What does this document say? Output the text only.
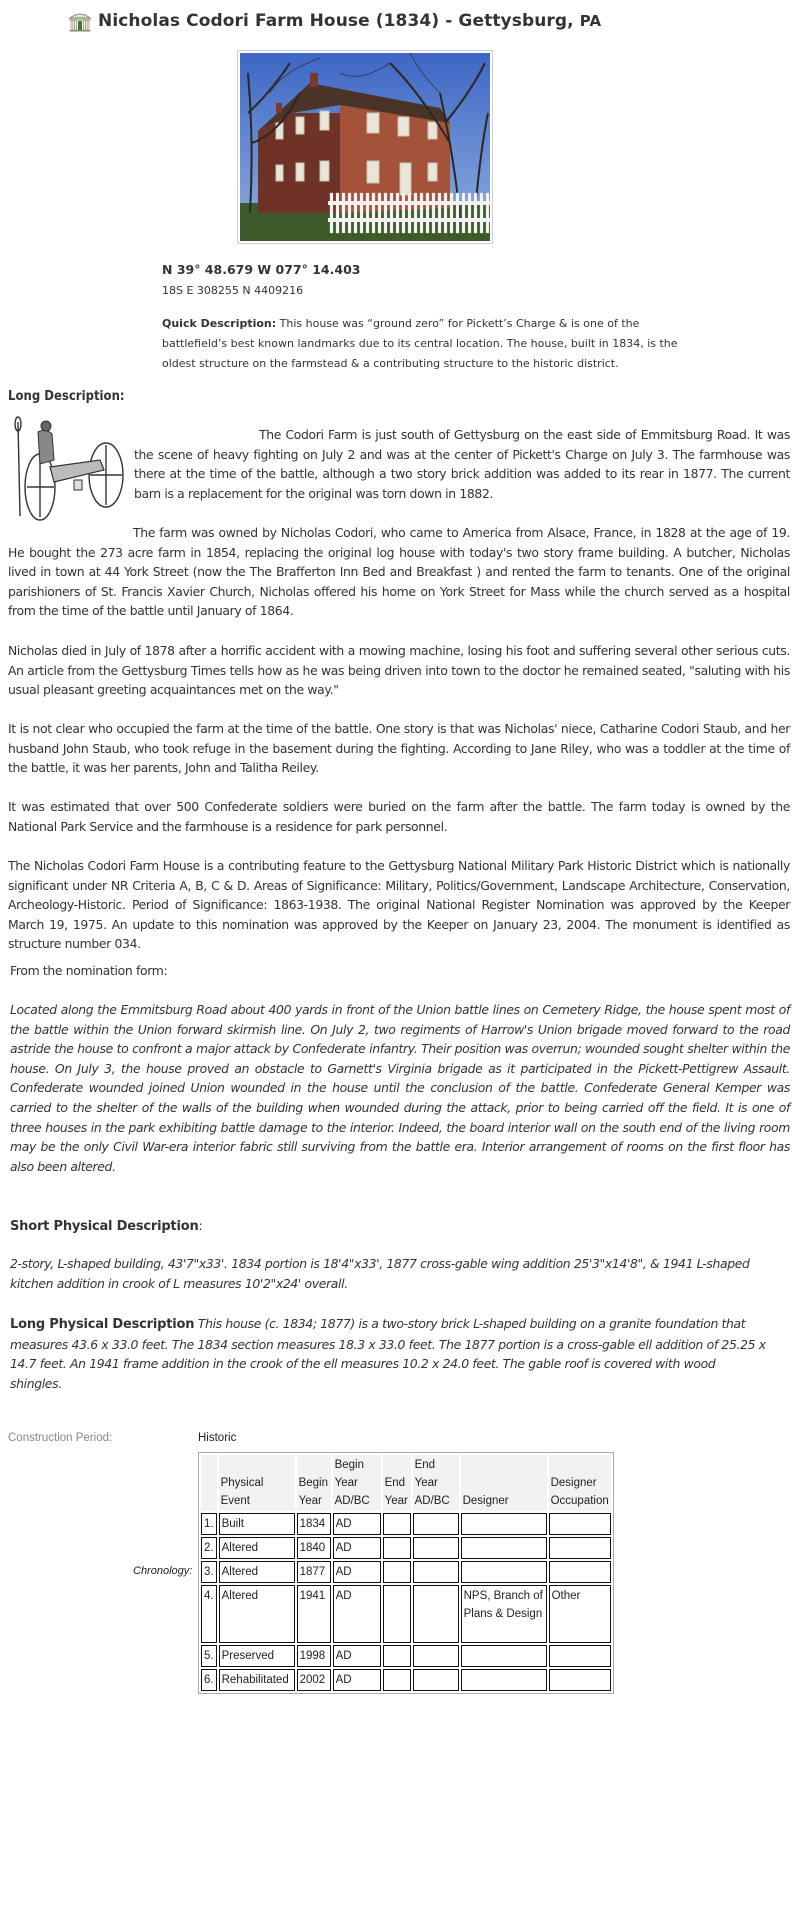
Nicholas Codori Farm House (1834) - Gettysburg, PA
N 39° 48.679 W 077° 14.403
18S E 308255 N 4409216
Quick Description: This house was “ground zero” for Pickett’s Charge & is one of the battlefield’s best known landmarks due to its central location. The house, built in 1834, is the oldest structure on the farmstead & a contributing structure to the historic district.
Long Description:
The Codori Farm is just south of Gettysburg on the east side of Emmitsburg Road. It was the scene of heavy fighting on July 2 and was at the center of Pickett's Charge on July 3. The farmhouse was there at the time of the battle, although a two story brick addition was added to its rear in 1877. The current barn is a replacement for the original was torn down in 1882.
The farm was owned by Nicholas Codori, who came to America from Alsace, France, in 1828 at the age of 19. He bought the 273 acre farm in 1854, replacing the original log house with today's two story frame building. A butcher, Nicholas lived in town at 44 York Street (now the The Brafferton Inn Bed and Breakfast ) and rented the farm to tenants. One of the original parishioners of St. Francis Xavier Church, Nicholas offered his home on York Street for Mass while the church served as a hospital from the time of the battle until January of 1864.
Nicholas died in July of 1878 after a horrific accident with a mowing machine, losing his foot and suffering several other serious cuts. An article from the Gettysburg Times tells how as he was being driven into town to the doctor he remained seated, "saluting with his usual pleasant greeting acquaintances met on the way."
It is not clear who occupied the farm at the time of the battle. One story is that was Nicholas' niece, Catharine Codori Staub, and her husband John Staub, who took refuge in the basement during the fighting. According to Jane Riley, who was a toddler at the time of the battle, it was her parents, John and Talitha Reiley.
It was estimated that over 500 Confederate soldiers were buried on the farm after the battle. The farm today is owned by the National Park Service and the farmhouse is a residence for park personnel.
The Nicholas Codori Farm House is a contributing feature to the Gettysburg National Military Park Historic District which is nationally significant under NR Criteria A, B, C & D. Areas of Significance: Military, Politics/Government, Landscape Architecture, Conservation, Archeology-Historic. Period of Significance: 1863-1938. The original National Register Nomination was approved by the Keeper March 19, 1975. An update to this nomination was approved by the Keeper on January 23, 2004. The monument is identified as structure number 034.
From the nomination form:
Located along the Emmitsburg Road about 400 yards in front of the Union battle lines on Cemetery Ridge, the house spent most of the battle within the Union forward skirmish line. On July 2, two regiments of Harrow's Union brigade moved forward to the road astride the house to confront a major attack by Confederate infantry. Their position was overrun; wounded sought shelter within the house. On July 3, the house proved an obstacle to Garnett's Virginia brigade as it participated in the Pickett-Pettigrew Assault. Confederate wounded joined Union wounded in the house until the conclusion of the battle. Confederate General Kemper was carried to the shelter of the walls of the building when wounded during the attack, prior to being carried off the field. It is one of three houses in the park exhibiting battle damage to the interior. Indeed, the board interior wall on the south end of the living room may be the only Civil War-era interior fabric still surviving from the battle era. Interior arrangement of rooms on the first floor has also been altered.
Short Physical Description:
2-story, L-shaped building, 43'7"x33'. 1834 portion is 18'4"x33', 1877 cross-gable wing addition 25'3"x14'8", & 1941 L-shaped kitchen addition in crook of L measures 10'2"x24' overall.
Long Physical Description This house (c. 1834; 1877) is a two-story brick L-shaped building on a granite foundation that measures 43.6 x 33.0 feet. The 1834 section measures 18.3 x 33.0 feet. The 1877 portion is a cross-gable ell addition of 25.25 x 14.7 feet. An 1941 frame addition in the crook of the ell measures 10.2 x 24.0 feet. The gable roof is covered with wood shingles.
Construction Period:	Historic
Chronology:
	Physical Event	Begin Year	Begin Year AD/BC	End Year	End Year AD/BC	Designer	Designer Occupation
1.	Built	1834	AD				
2.	Altered	1840	AD				
3.	Altered	1877	AD				
4.	Altered	1941	AD			NPS, Branch of Plans & Design	Other
5.	Preserved	1998	AD				
6.	Rehabilitated	2002	AD				
